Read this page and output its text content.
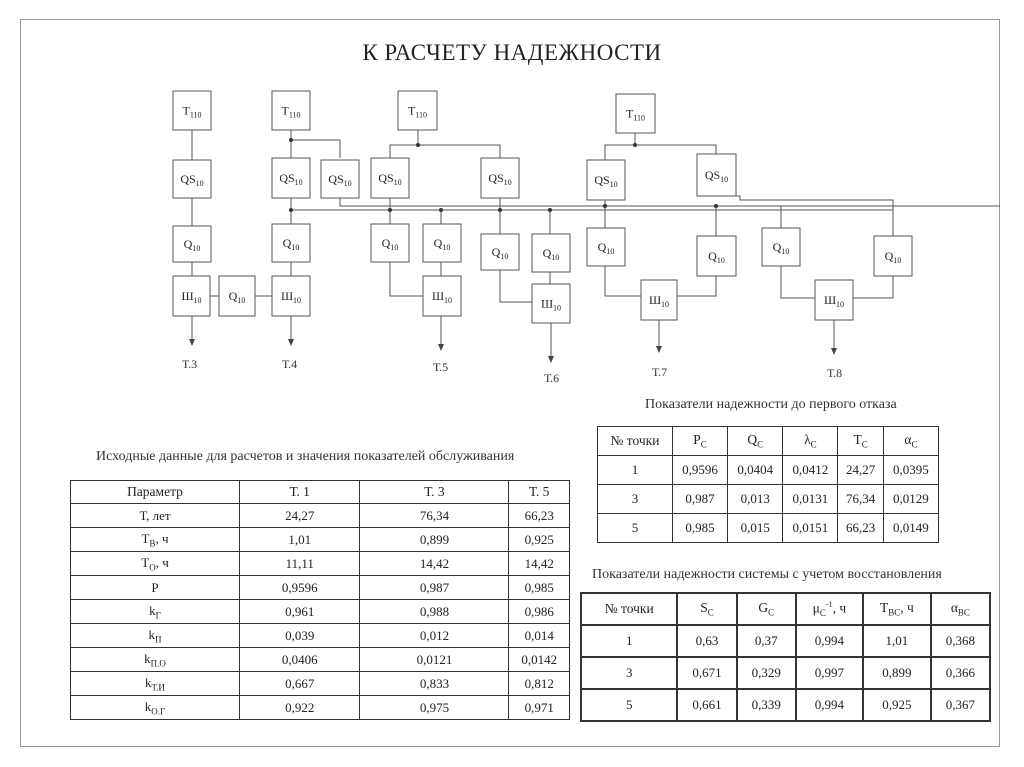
К РАСЧЕТУ НАДЕЖНОСТИ
$Т_{110}$	$Т_{110}$	$Т_{110}$	$Т_{110}$
$QS_{10}$	$QS_{10}$ $QS_{10}$ $QS_{10}$	$QS_{10}$	$QS_{10}$
$QS_{10}$
$Q_{10}$	$Q_{10}$	$Q_{10}$	$Q_{10}$	$Q_{10}$	$Q_{10}$
$Q_{10}$	$Q_{10}$
$Q_{10}$	$Q_{10}$
$Q_{10}$
$Ш_{10}$	$Ш_{10}$	$Ш_{10}$	$Ш_{10}$
$Ш_{10}$	$Ш_{10}$
Т.3	Т.4	Т.5
Т.6	Т.7	Т.8
Исходные данные для расчетов и значения показателей обслуживания
Параметр	Т. 1	Т. 3	Т. 5
Т, лет	24,27	76,34	66,23
$Т_В$, ч	1,01	0,899	0,925
$Т_О$, ч	11,11	14,42	14,42
Р	0,9596	0,987	0,985
$k_Г$	0,961	0,988	0,986
$k_П$	0,039	0,012	0,014
$k_{П.О}$	0,0406	0,0121	0,0142
$k_{Т.И}$	0,667	0,833	0,812
$k_{О.Г}$	0,922	0,975	0,971
Показатели надежности до первого отказа
№ точки	$P_C$	$Q_C$	$\lambda_C$	$T_C$	$\alpha_C$
1	0,9596	0,0404	0,0412	24,27	0,0395
3	0,987	0,013	0,0131	76,34	0,0129
5	0,985	0,015	0,0151	66,23	0,0149
Показатели надежности системы с учетом восстановления
№ точки	$S_C$	$G_C$	$\mu_C^{-1}$, ч	$T_{ВС}$, ч	$\alpha_{ВС}$
1	0,63	0,37	0,994	1,01	0,368
3	0,671	0,329	0,997	0,899	0,366
5	0,661	0,339	0,994	0,925	0,367
